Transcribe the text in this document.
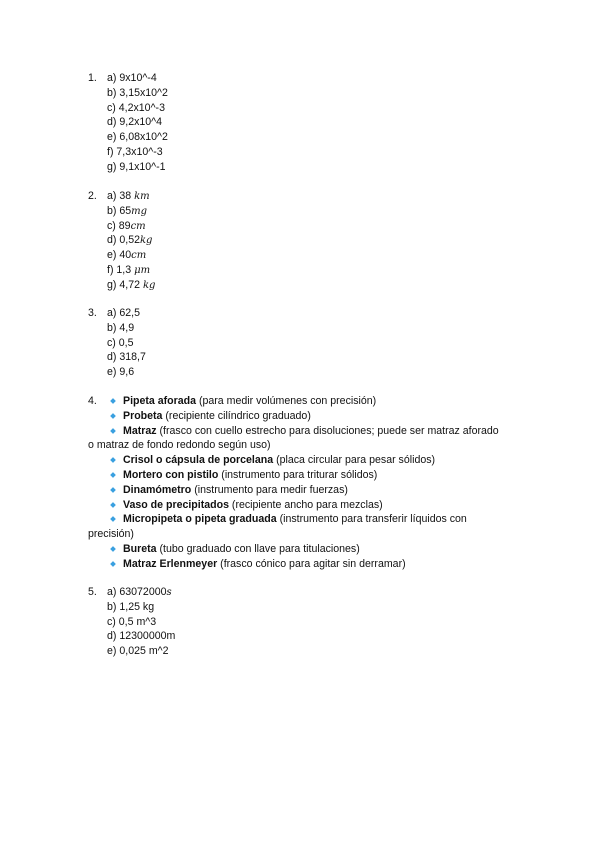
1. a) 9x10^-4
b) 3,15x10^2
c) 4,2x10^-3
d) 9,2x10^4
e) 6,08x10^2
f) 7,3x10^-3
g) 9,1x10^-1
2. a) 38 km
b) 65mg
c) 89cm
d) 0,52kg
e) 40cm
f) 1,3 μm
g) 4,72 kg
3. a) 62,5
b) 4,9
c) 0,5
d) 318,7
e) 9,6
4.	Pipeta aforada (para medir volúmenes con precisión)
Probeta (recipiente cilíndrico graduado)
Matraz (frasco con cuello estrecho para disoluciones; puede ser matraz aforado
o matraz de fondo redondo según uso)
Crisol o cápsula de porcelana (placa circular para pesar sólidos)
Mortero con pistilo (instrumento para triturar sólidos)
Dinamómetro (instrumento para medir fuerzas)
Vaso de precipitados (recipiente ancho para mezclas)
Micropipeta o pipeta graduada (instrumento para transferir líquidos con
precisión)
Bureta (tubo graduado con llave para titulaciones)
Matraz Erlenmeyer (frasco cónico para agitar sin derramar)
5. a) 63072000s
b) 1,25 kg
c) 0,5 m^3
d) 12300000m
e) 0,025 m^2
